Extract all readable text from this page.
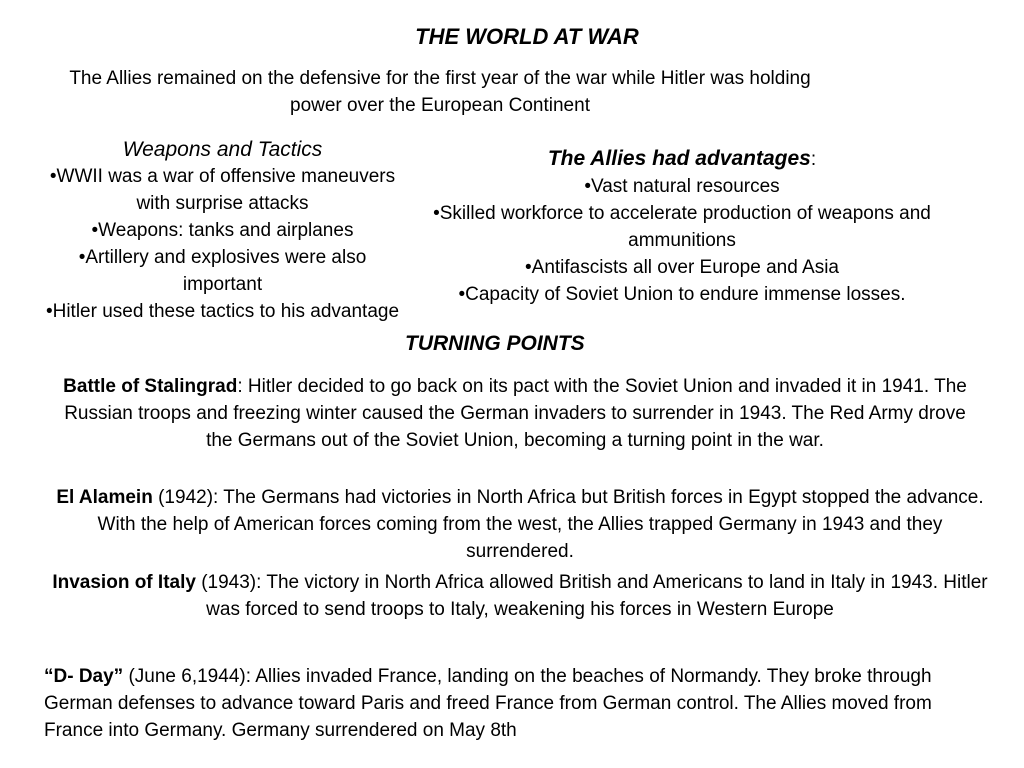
THE WORLD AT WAR

The Allies remained on the defensive for the first year of the war while Hitler was holding power over the European Continent

Weapons and Tactics
•WWII was a war of offensive maneuvers with surprise attacks
•Weapons: tanks and airplanes
•Artillery and explosives were also important
•Hitler used these tactics to his advantage
The Allies had advantages:
•Vast natural resources
•Skilled workforce to accelerate production of weapons and ammunitions
•Antifascists all over Europe and Asia
•Capacity of Soviet Union to endure immense losses.
TURNING POINTS

Battle of Stalingrad: Hitler decided to go back on its pact with the Soviet Union and invaded it in 1941. The Russian troops and freezing winter caused the German invaders to surrender in 1943. The Red Army drove the Germans out of the Soviet Union, becoming a turning point in the war.

El Alamein (1942): The Germans had victories in North Africa but British forces in Egypt stopped the advance. With the help of American forces coming from the west, the Allies trapped Germany in 1943 and they surrendered.

Invasion of Italy (1943): The victory in North Africa allowed British and Americans to land in Italy in 1943. Hitler was forced to send troops to Italy, weakening his forces in Western Europe

“D- Day” (June 6,1944): Allies invaded France, landing on the beaches of Normandy. They broke through German defenses to advance toward Paris and freed France from German control. The Allies moved from France into Germany. Germany surrendered on May 8th
